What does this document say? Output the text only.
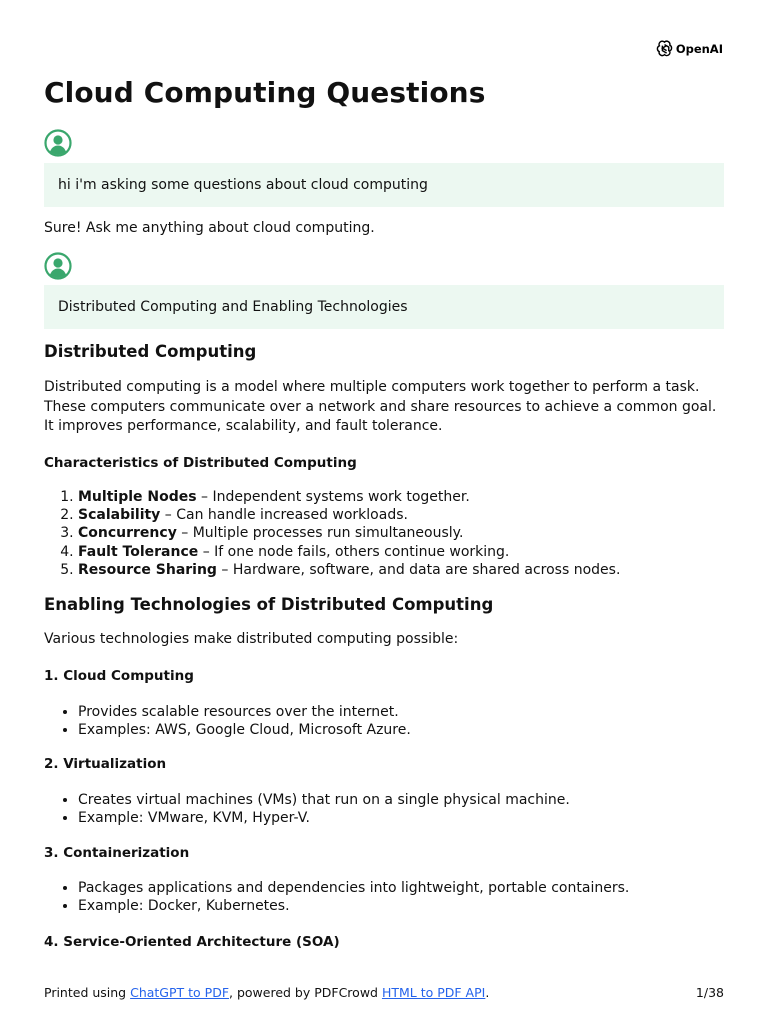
OpenAI
Cloud Computing Questions
hi i'm asking some questions about cloud computing

Sure! Ask me anything about cloud computing.

Distributed Computing and Enabling Technologies
Distributed Computing

Distributed computing is a model where multiple computers work together to perform a task. These computers communicate over a network and share resources to achieve a common goal. It improves performance, scalability, and fault tolerance.

Characteristics of Distributed Computing
1. Multiple Nodes – Independent systems work together.
2. Scalability – Can handle increased workloads.
3. Concurrency – Multiple processes run simultaneously.
4. Fault Tolerance – If one node fails, others continue working.
5. Resource Sharing – Hardware, software, and data are shared across nodes.
Enabling Technologies of Distributed Computing

Various technologies make distributed computing possible:

1. Cloud Computing
• Provides scalable resources over the internet.
• Examples: AWS, Google Cloud, Microsoft Azure.
2. Virtualization
• Creates virtual machines (VMs) that run on a single physical machine.
• Example: VMware, KVM, Hyper-V.
3. Containerization
• Packages applications and dependencies into lightweight, portable containers.
• Example: Docker, Kubernetes.
4. Service-Oriented Architecture (SOA)
Printed using ChatGPT to PDF, powered by PDFCrowd HTML to PDF API.	1/38
